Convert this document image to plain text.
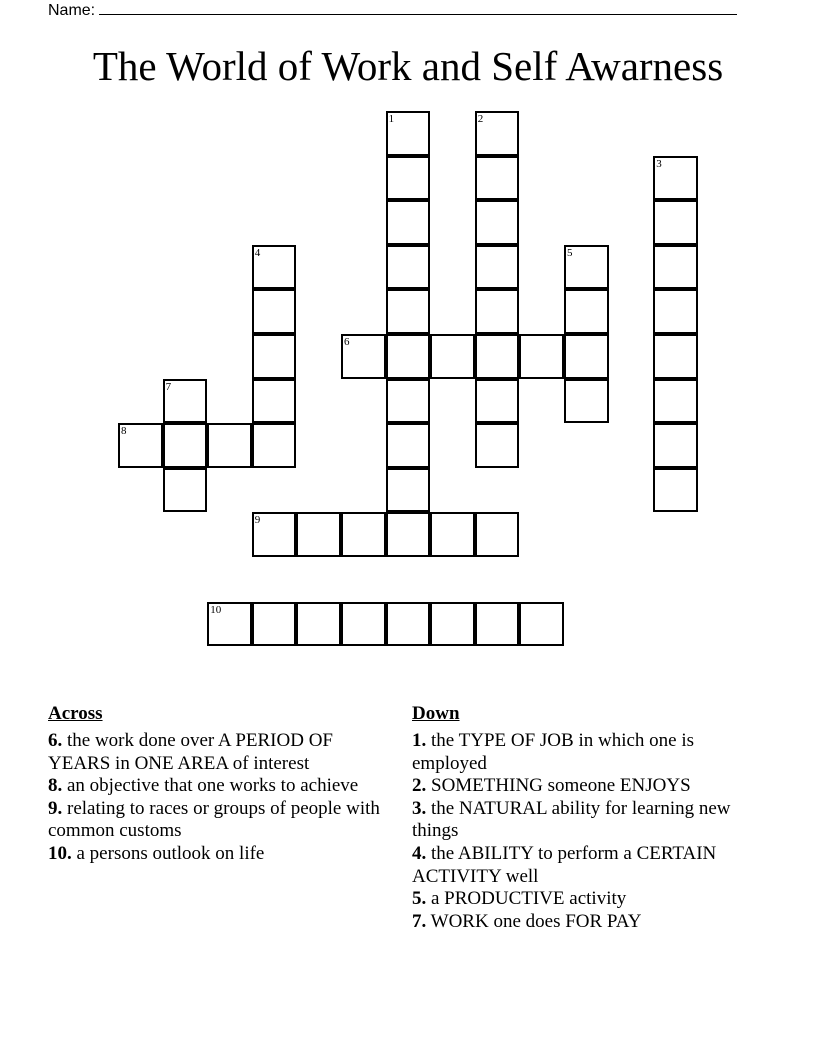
Name:
The World of Work and Self Awarness
1	2
3
4	5
6
7
8
9
10
Across

6. the work done over A PERIOD OF YEARS in ONE AREA of interest

8. an objective that one works to achieve

9. relating to races or groups of people with common customs

10. a persons outlook on life

Down

1. the TYPE OF JOB in which one is employed

2. SOMETHING someone ENJOYS

3. the NATURAL ability for learning new things

4. the ABILITY to perform a CERTAIN ACTIVITY well

5. a PRODUCTIVE activity

7. WORK one does FOR PAY
